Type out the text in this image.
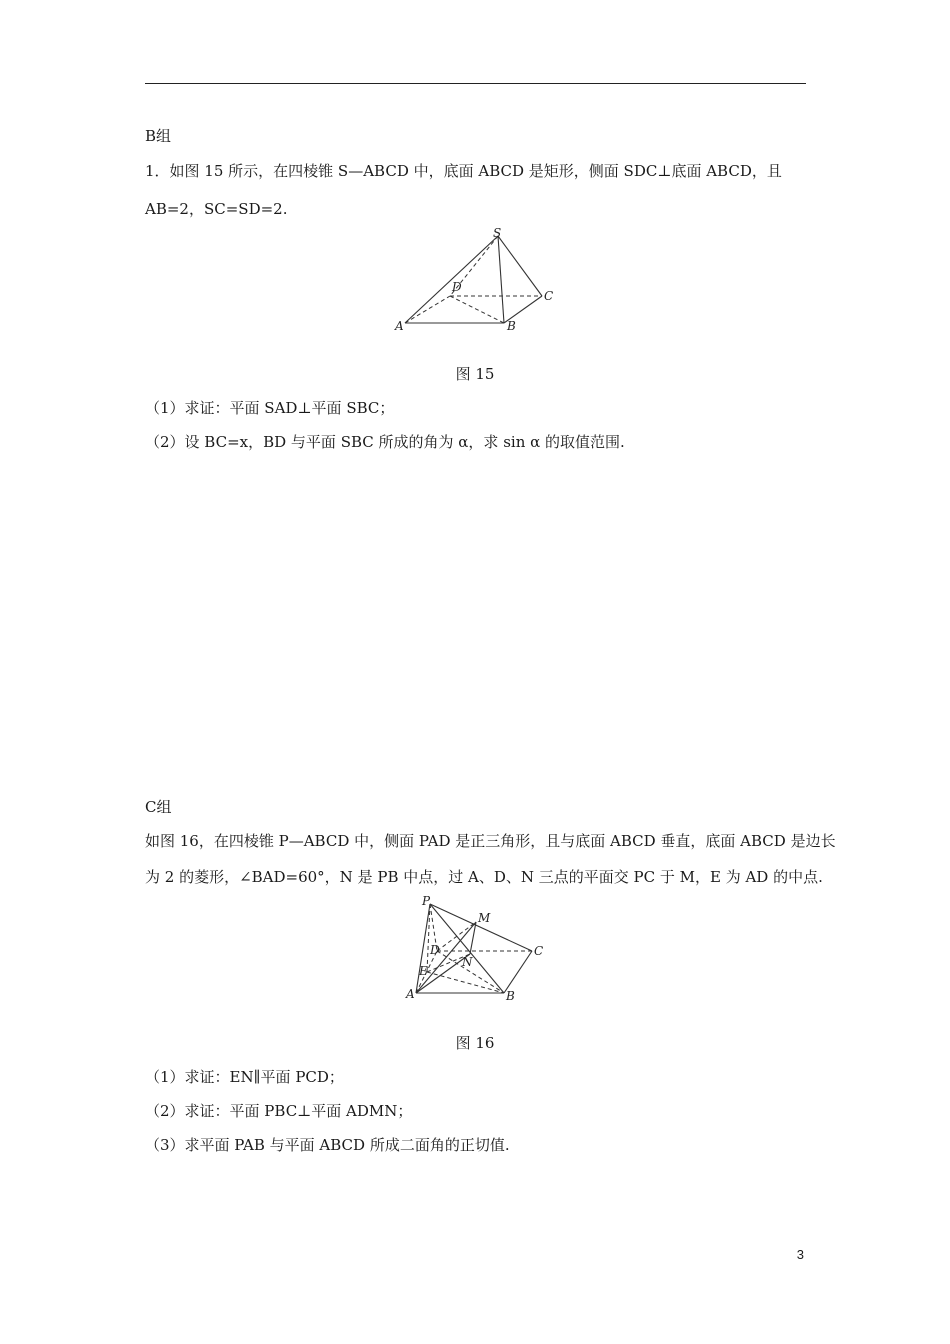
B组
1．如图 15 所示，在四棱锥 S—ABCD 中，底面 ABCD 是矩形，侧面 SDC⊥底面 ABCD，且
AB=2，SC=SD=2.
S
D
C
A	B
图 15
（1）求证：平面 SAD⊥平面 SBC；
（2）设 BC=x，BD 与平面 SBC 所成的角为 α，求 sin α 的取值范围.
C组
如图 16，在四棱锥 P—ABCD 中，侧面 PAD 是正三角形，且与底面 ABCD 垂直，底面 ABCD 是边长
为 2 的菱形，∠BAD=60°，N 是 PB 中点，过 A、D、N 三点的平面交 PC 于 M，E 为 AD 的中点.
P
M
C
D
E
N
A	B
图 16
（1）求证：EN∥平面 PCD；
（2）求证：平面 PBC⊥平面 ADMN；
（3）求平面 PAB 与平面 ABCD 所成二面角的正切值.
3
